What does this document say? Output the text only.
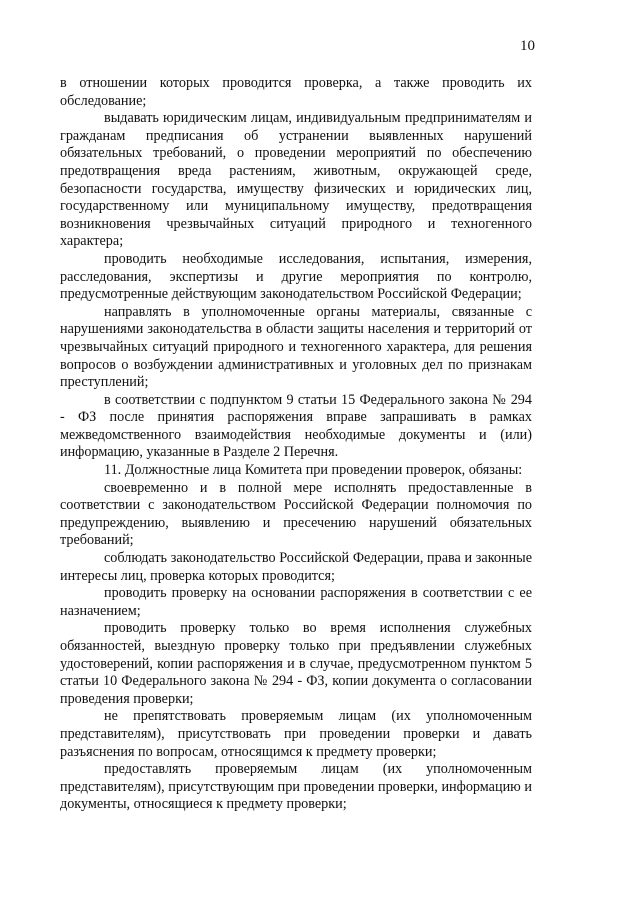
10

в отношении которых проводится проверка, а также проводить их обследование;

выдавать юридическим лицам, индивидуальным предпринимателям и гражданам предписания об устранении выявленных нарушений обязательных требований, о проведении мероприятий по обеспечению предотвращения вреда растениям, животным, окружающей среде, безопасности государства, имуществу физических и юридических лиц, государственному или муниципальному имуществу, предотвращения возникновения чрезвычайных ситуаций природного и техногенного характера;

проводить необходимые исследования, испытания, измерения, расследования, экспертизы и другие мероприятия по контролю, предусмотренные действующим законодательством Российской Федерации;

направлять в уполномоченные органы материалы, связанные с нарушениями законодательства в области защиты населения и территорий от чрезвычайных ситуаций природного и техногенного характера, для решения вопросов о возбуждении административных и уголовных дел по признакам преступлений;

в соответствии с подпунктом 9 статьи 15 Федерального закона № 294 - ФЗ после принятия распоряжения вправе запрашивать в рамках межведомственного взаимодействия необходимые документы и (или) информацию, указанные в Разделе 2 Перечня.

11. Должностные лица Комитета при проведении проверок, обязаны:

своевременно и в полной мере исполнять предоставленные в соответствии с законодательством Российской Федерации полномочия по предупреждению, выявлению и пресечению нарушений обязательных требований;

соблюдать законодательство Российской Федерации, права и законные интересы лиц, проверка которых проводится;

проводить проверку на основании распоряжения в соответствии с ее назначением;

проводить проверку только во время исполнения служебных обязанностей, выездную проверку только при предъявлении служебных удостоверений, копии распоряжения и в случае, предусмотренном пунктом 5 статьи 10 Федерального закона № 294 - ФЗ, копии документа о согласовании проведения проверки;

не препятствовать проверяемым лицам (их уполномоченным представителям), присутствовать при проведении проверки и давать разъяснения по вопросам, относящимся к предмету проверки;

предоставлять проверяемым лицам (их уполномоченным представителям), присутствующим при проведении проверки, информацию и документы, относящиеся к предмету проверки;
